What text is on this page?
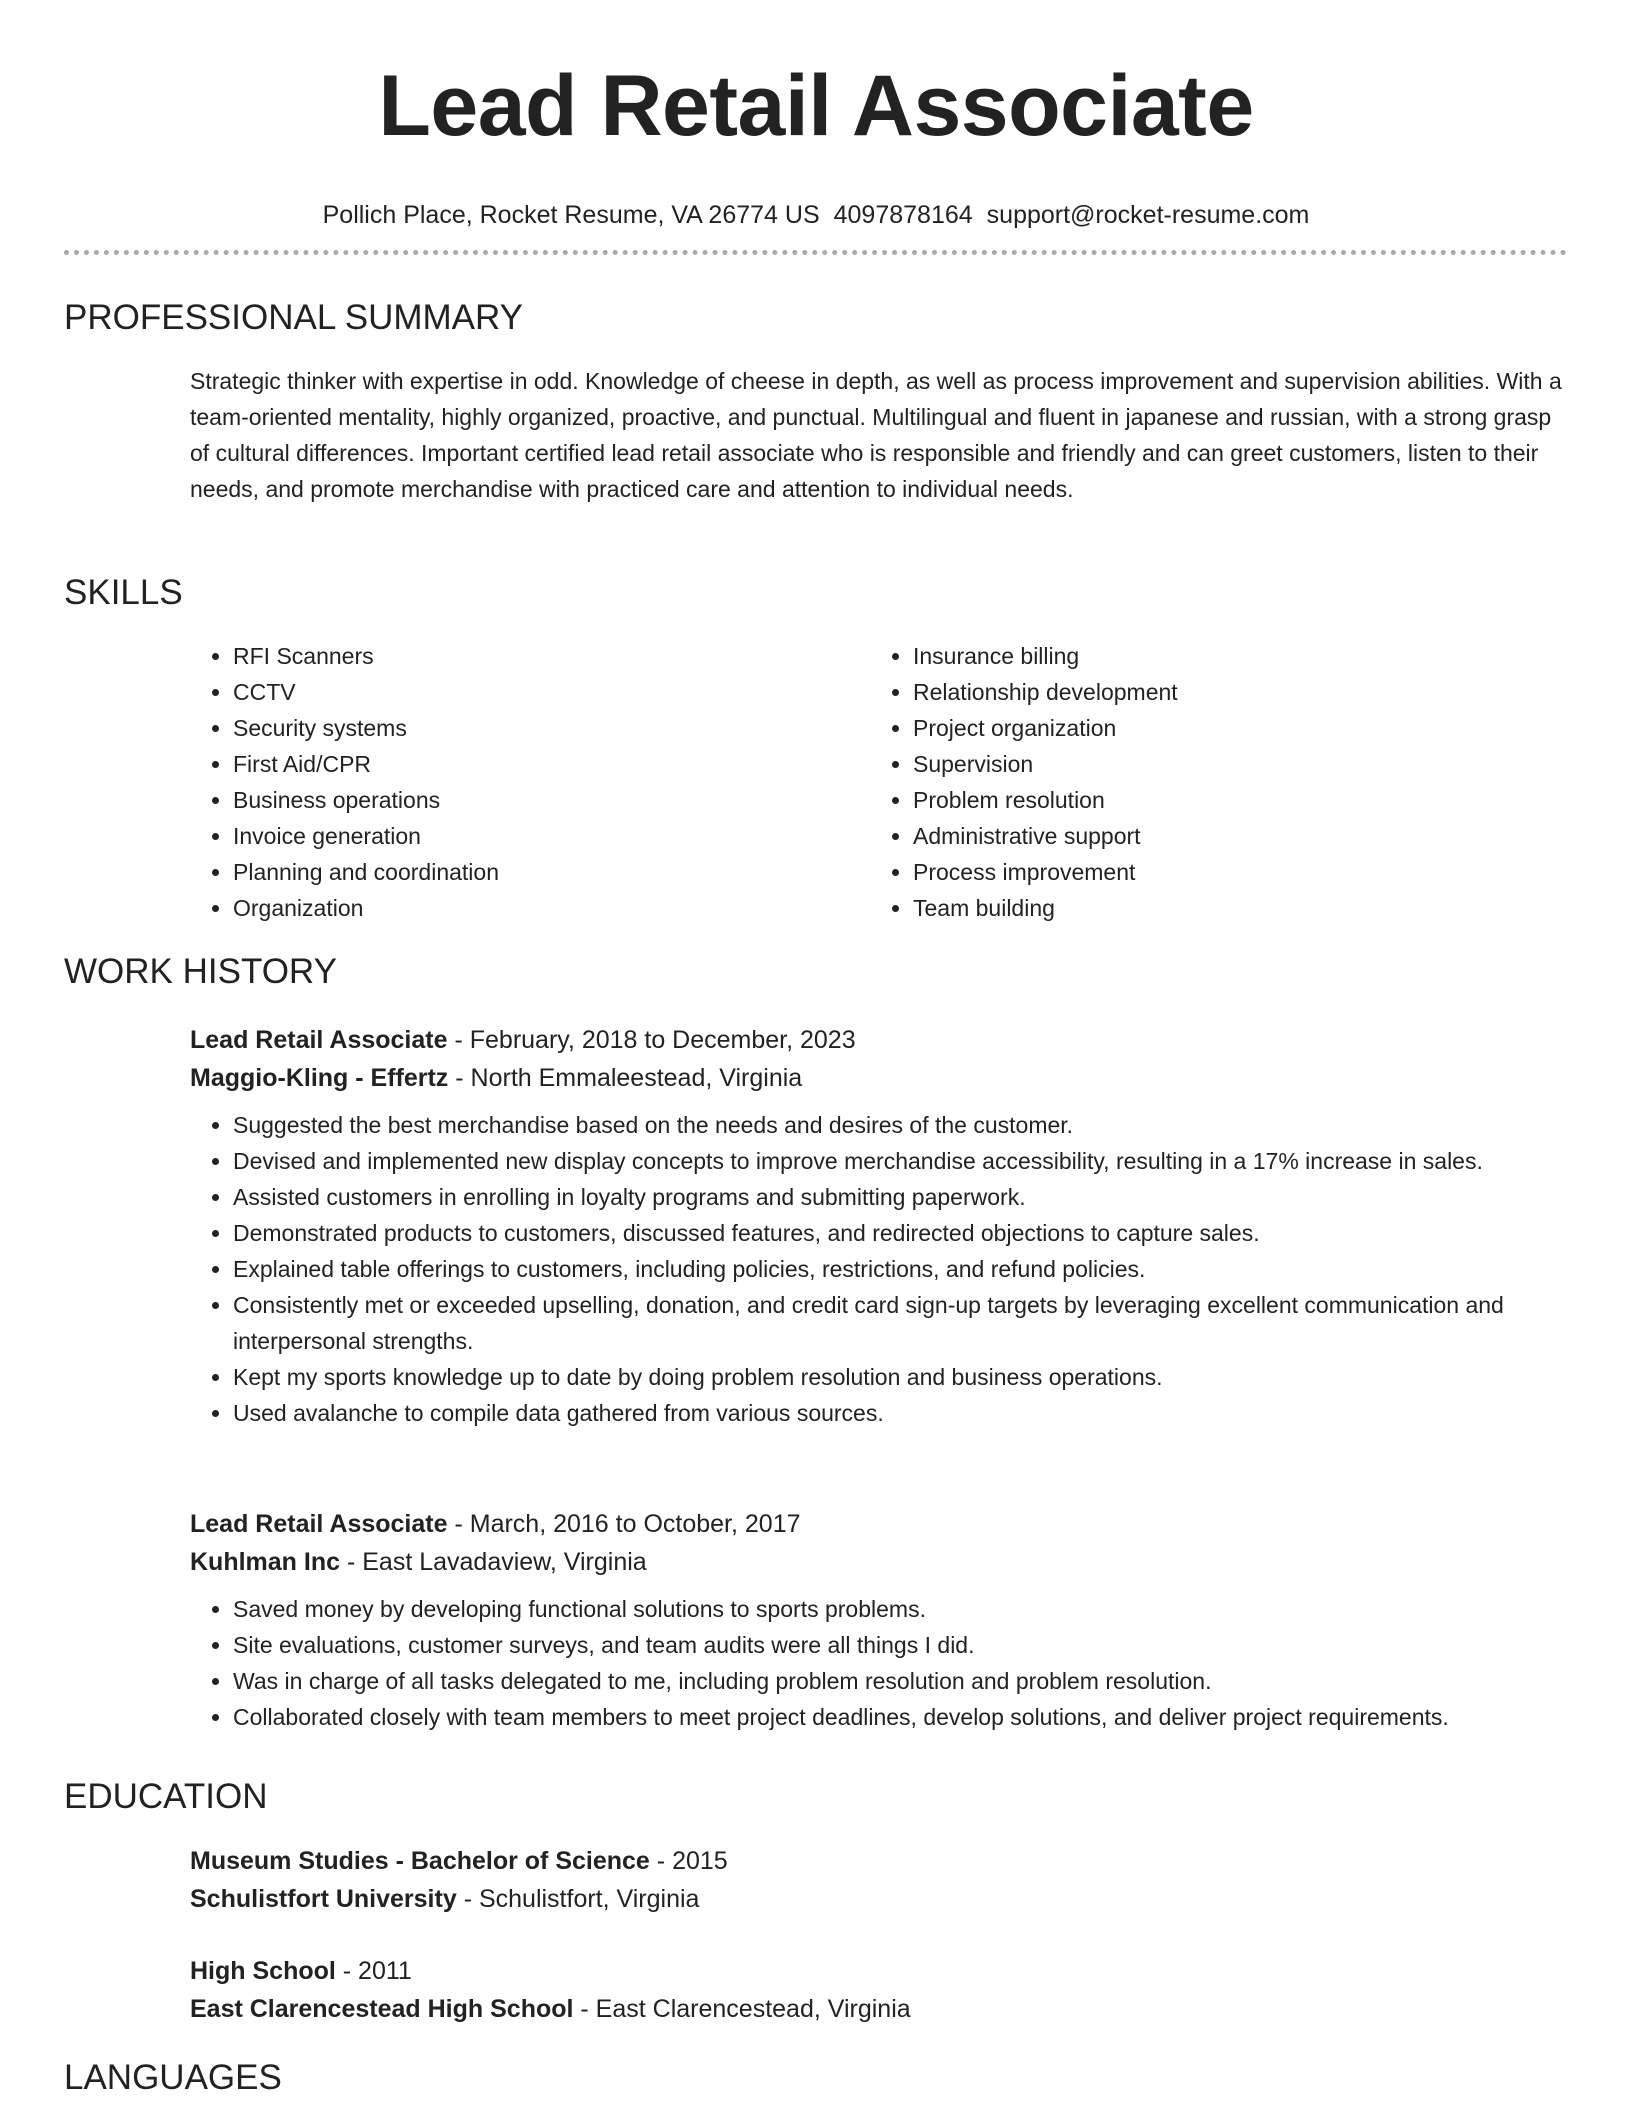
Lead Retail Associate
Pollich Place, Rocket Resume, VA 26774 US 4097878164 support@rocket-resume.com
PROFESSIONAL SUMMARY
Strategic thinker with expertise in odd. Knowledge of cheese in depth, as well as process improvement and supervision abilities. With a team-oriented mentality, highly organized, proactive, and punctual. Multilingual and fluent in japanese and russian, with a strong grasp of cultural differences. Important certified lead retail associate who is responsible and friendly and can greet customers, listen to their needs, and promote merchandise with practiced care and attention to individual needs.
SKILLS
• RFI Scanners
• CCTV
• Security systems
• First Aid/CPR
• Business operations
• Invoice generation
• Planning and coordination
• Organization
• Insurance billing
• Relationship development
• Project organization
• Supervision
• Problem resolution
• Administrative support
• Process improvement
• Team building
WORK HISTORY
Lead Retail Associate - February, 2018 to December, 2023
Maggio-Kling - Effertz - North Emmaleestead, Virginia
• Suggested the best merchandise based on the needs and desires of the customer.
• Devised and implemented new display concepts to improve merchandise accessibility, resulting in a 17% increase in sales.
• Assisted customers in enrolling in loyalty programs and submitting paperwork.
• Demonstrated products to customers, discussed features, and redirected objections to capture sales.
• Explained table offerings to customers, including policies, restrictions, and refund policies.
• Consistently met or exceeded upselling, donation, and credit card sign-up targets by leveraging excellent communication and interpersonal strengths.
• Kept my sports knowledge up to date by doing problem resolution and business operations.
• Used avalanche to compile data gathered from various sources.
Lead Retail Associate - March, 2016 to October, 2017
Kuhlman Inc - East Lavadaview, Virginia
• Saved money by developing functional solutions to sports problems.
• Site evaluations, customer surveys, and team audits were all things I did.
• Was in charge of all tasks delegated to me, including problem resolution and problem resolution.
• Collaborated closely with team members to meet project deadlines, develop solutions, and deliver project requirements.
EDUCATION
Museum Studies - Bachelor of Science - 2015
Schulistfort University - Schulistfort, Virginia
High School - 2011
East Clarencestead High School - East Clarencestead, Virginia
LANGUAGES
